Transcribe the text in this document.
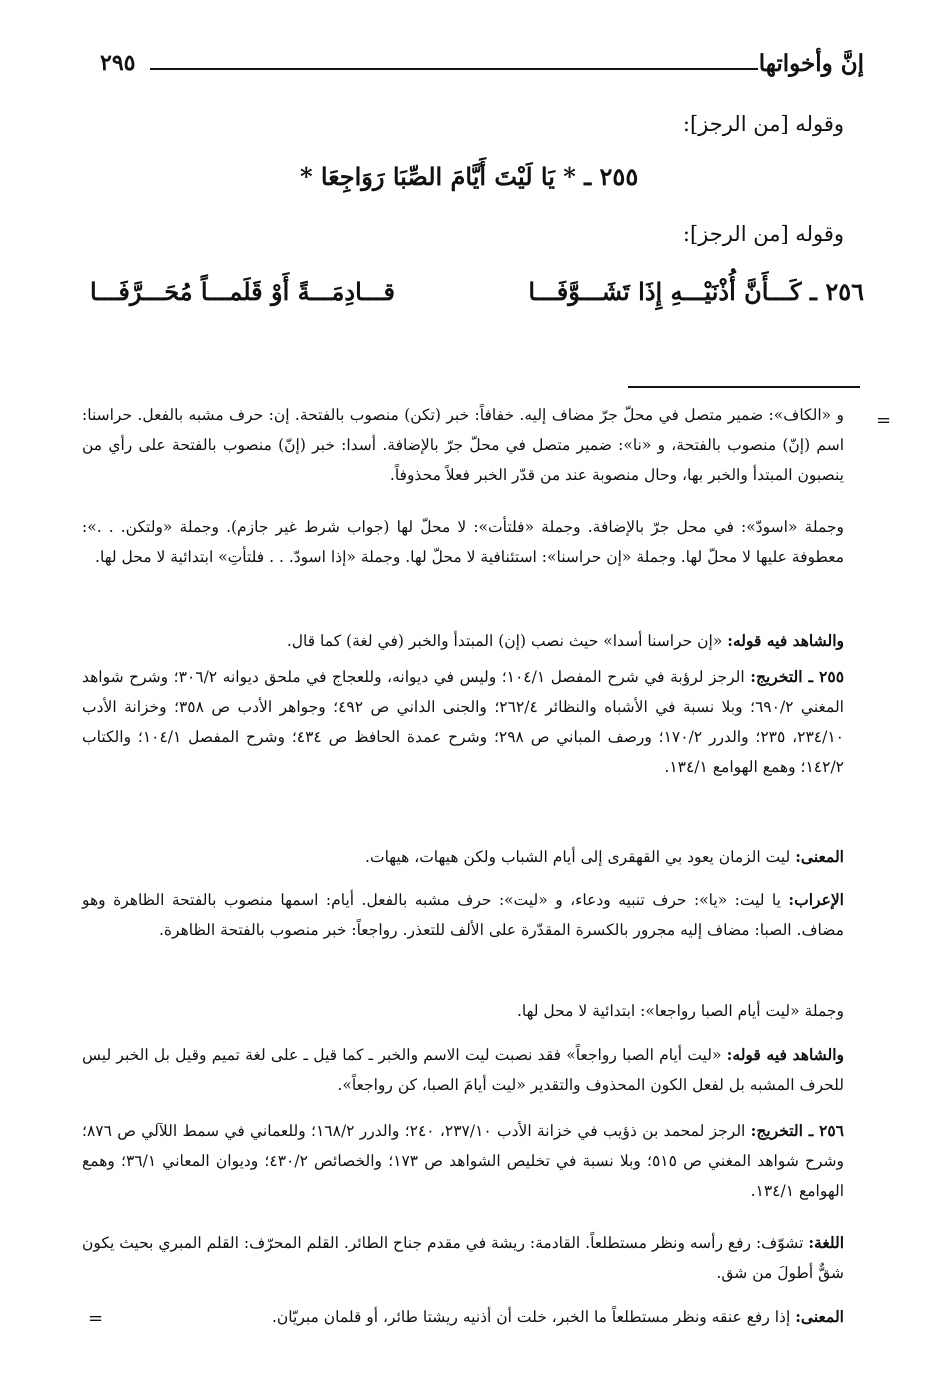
إنَّ وأخواتها
٢٩٥
وقوله [من الرجز]:
٢٥٥ ـ * يَا لَيْتَ أَيَّامَ الصِّبَا رَوَاجِعَا *
وقوله [من الرجز]:
٢٥٦ ـ كَـــأَنَّ أُذْنَيْـــهِ إِذَا تَشَـــوَّفَـــا
قـــادِمَـــةً أَوْ قَلَمـــاً مُحَـــرَّفَـــا
=
=

و «الكاف»: ضمير متصل في محلّ جرّ مضاف إليه. خفافاً: خبر (تكن) منصوب بالفتحة. إن: حرف مشبه بالفعل. حراسنا: اسم (إنّ) منصوب بالفتحة، و «نا»: ضمير متصل في محلّ جرّ بالإضافة. أسدا: خبر (إنّ) منصوب بالفتحة على رأي من ينصبون المبتدأ والخبر بها، وحال منصوبة عند من قدّر الخبر فعلاً محذوفاً.

وجملة «اسودّ»: في محل جرّ بالإضافة. وجملة «فلتأت»: لا محلّ لها (جواب شرط غير جازم). وجملة «ولتكن. . .»: معطوفة عليها لا محلّ لها. وجملة «إن حراسنا»: استئنافية لا محلّ لها. وجملة «إذا اسودّ. . . فلتأتِ» ابتدائية لا محل لها.

والشاهد فيه قوله: «إن حراسنا أسدا» حيث نصب (إن) المبتدأ والخبر (في لغة) كما قال.

٢٥٥ ـ التخريج: الرجز لرؤبة في شرح المفصل ١٠٤/١؛ وليس في ديوانه، وللعجاج في ملحق ديوانه ٣٠٦/٢؛ وشرح شواهد المغني ٦٩٠/٢؛ وبلا نسبة في الأشباه والنظائر ٢٦٢/٤؛ والجنى الداني ص ٤٩٢؛ وجواهر الأدب ص ٣٥٨؛ وخزانة الأدب ٢٣٤/١٠، ٢٣٥؛ والدرر ١٧٠/٢؛ ورصف المباني ص ٢٩٨؛ وشرح عمدة الحافظ ص ٤٣٤؛ وشرح المفصل ١٠٤/١؛ والكتاب ١٤٢/٢؛ وهمع الهوامع ١٣٤/١.

المعنى: ليت الزمان يعود بي القهقرى إلى أيام الشباب ولكن هيهات، هيهات.

الإعراب: يا ليت: «يا»: حرف تنبيه ودعاء، و «ليت»: حرف مشبه بالفعل. أيام: اسمها منصوب بالفتحة الظاهرة وهو مضاف. الصبا: مضاف إليه مجرور بالكسرة المقدّرة على الألف للتعذر. رواجعاً: خبر منصوب بالفتحة الظاهرة.

وجملة «ليت أيام الصبا رواجعا»: ابتدائية لا محل لها.

والشاهد فيه قوله: «ليت أيام الصبا رواجعاً» فقد نصبت ليت الاسم والخبر ـ كما قيل ـ على لغة تميم وقيل بل الخبر ليس للحرف المشبه بل لفعل الكون المحذوف والتقدير «ليت أيامَ الصبا، كن رواجعاً».

٢٥٦ ـ التخريج: الرجز لمحمد بن ذؤيب في خزانة الأدب ٢٣٧/١٠، ٢٤٠؛ والدرر ١٦٨/٢؛ وللعماني في سمط اللآلي ص ٨٧٦؛ وشرح شواهد المغني ص ٥١٥؛ وبلا نسبة في تخليص الشواهد ص ١٧٣؛ والخصائص ٤٣٠/٢؛ وديوان المعاني ٣٦/١؛ وهمع الهوامع ١٣٤/١.

اللغة: تشوّف: رفع رأسه ونظر مستطلعاً. القادمة: ريشة في مقدم جناح الطائر. القلم المحرّف: القلم المبري بحيث يكون شقٌّ أطولَ من شق.

المعنى: إذا رفع عنقه ونظر مستطلعاً ما الخبر، خلت أن أذنيه ريشتا طائر، أو قلمان مبريّان.
